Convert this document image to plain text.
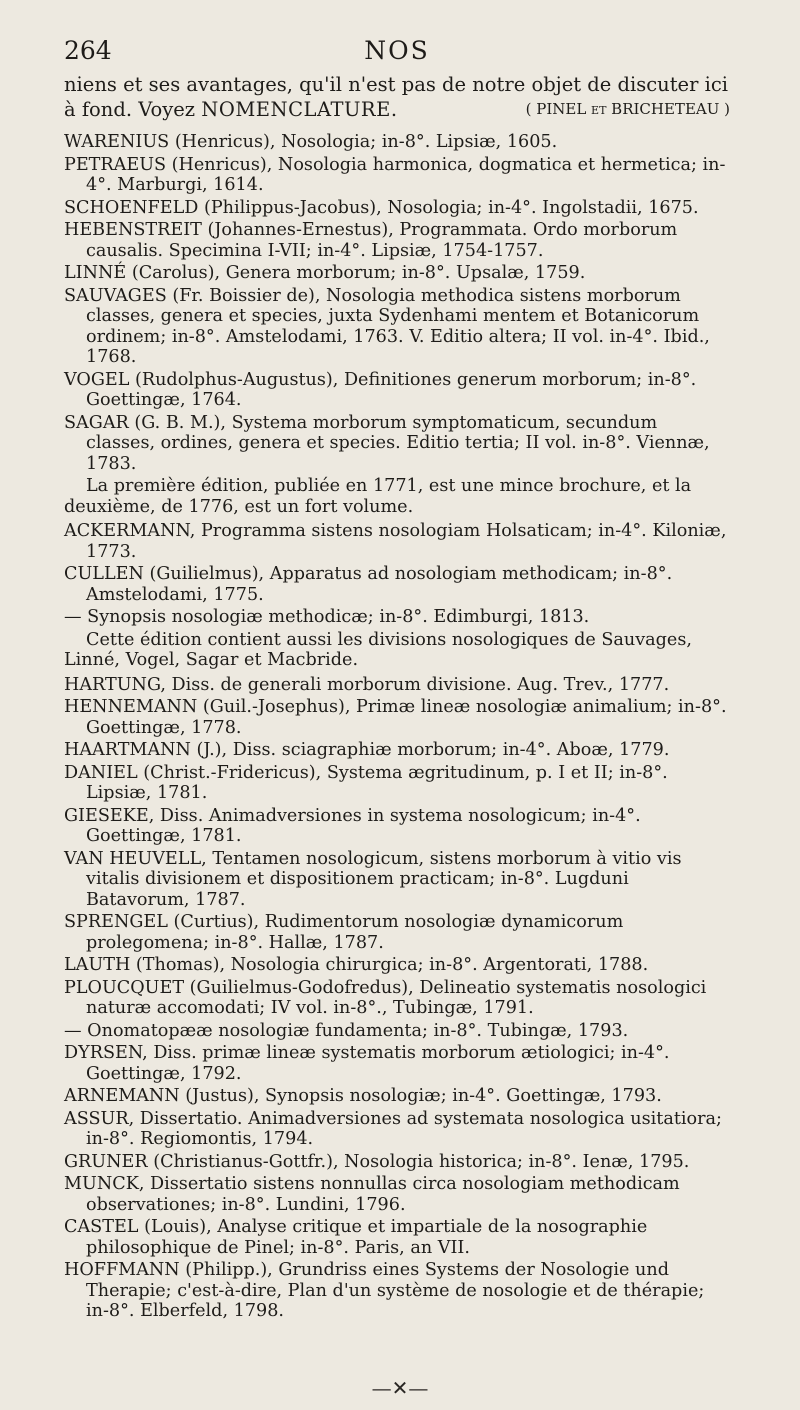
264	NOS

niens et ses avantages, qu'il n'est pas de notre objet de discuter ici à fond. Voyez NOMENCLATURE.	( PINEL et BRICHETEAU )

WARENIUS (Henricus), Nosologia; in-8°. Lipsiæ, 1605.

PETRAEUS (Henricus), Nosologia harmonica, dogmatica et hermetica; in-4°. Marburgi, 1614.

SCHOENFELD (Philippus-Jacobus), Nosologia; in-4°. Ingolstadii, 1675.

HEBENSTREIT (Johannes-Ernestus), Programmata. Ordo morborum causalis. Specimina I-VII; in-4°. Lipsiæ, 1754-1757.

LINNÉ (Carolus), Genera morborum; in-8°. Upsalæ, 1759.

SAUVAGES (Fr. Boissier de), Nosologia methodica sistens morborum classes, genera et species, juxta Sydenhami mentem et Botanicorum ordinem; in-8°. Amstelodami, 1763. V. Editio altera; II vol. in-4°. Ibid., 1768.

VOGEL (Rudolphus-Augustus), Definitiones generum morborum; in-8°. Goettingæ, 1764.

SAGAR (G. B. M.), Systema morborum symptomaticum, secundum classes, ordines, genera et species. Editio tertia; II vol. in-8°. Viennæ, 1783.

La première édition, publiée en 1771, est une mince brochure, et la deuxième, de 1776, est un fort volume.

ACKERMANN, Programma sistens nosologiam Holsaticam; in-4°. Kiloniæ, 1773.

CULLEN (Guilielmus), Apparatus ad nosologiam methodicam; in-8°. Amstelodami, 1775.

— Synopsis nosologiæ methodicæ; in-8°. Edimburgi, 1813.

Cette édition contient aussi les divisions nosologiques de Sauvages, Linné, Vogel, Sagar et Macbride.

HARTUNG, Diss. de generali morborum divisione. Aug. Trev., 1777.

HENNEMANN (Guil.-Josephus), Primæ lineæ nosologiæ animalium; in-8°. Goettingæ, 1778.

HAARTMANN (J.), Diss. sciagraphiæ morborum; in-4°. Aboæ, 1779.

DANIEL (Christ.-Fridericus), Systema ægritudinum, p. I et II; in-8°. Lipsiæ, 1781.

GIESEKE, Diss. Animadversiones in systema nosologicum; in-4°. Goettingæ, 1781.

VAN HEUVELL, Tentamen nosologicum, sistens morborum à vitio vis vitalis divisionem et dispositionem practicam; in-8°. Lugduni Batavorum, 1787.

SPRENGEL (Curtius), Rudimentorum nosologiæ dynamicorum prolegomena; in-8°. Hallæ, 1787.

LAUTH (Thomas), Nosologia chirurgica; in-8°. Argentorati, 1788.

PLOUCQUET (Guilielmus-Godofredus), Delineatio systematis nosologici naturæ accomodati; IV vol. in-8°., Tubingæ, 1791.

— Onomatopææ nosologiæ fundamenta; in-8°. Tubingæ, 1793.

DYRSEN, Diss. primæ lineæ systematis morborum ætiologici; in-4°. Goettingæ, 1792.

ARNEMANN (Justus), Synopsis nosologiæ; in-4°. Goettingæ, 1793.

ASSUR, Dissertatio. Animadversiones ad systemata nosologica usitatiora; in-8°. Regiomontis, 1794.

GRUNER (Christianus-Gottfr.), Nosologia historica; in-8°. Ienæ, 1795.

MUNCK, Dissertatio sistens nonnullas circa nosologiam methodicam observationes; in-8°. Lundini, 1796.

CASTEL (Louis), Analyse critique et impartiale de la nosographie philosophique de Pinel; in-8°. Paris, an VII.

HOFFMANN (Philipp.), Grundriss eines Systems der Nosologie und Therapie; c'est-à-dire, Plan d'un système de nosologie et de thérapie; in-8°. Elberfeld, 1798.

—✕—
